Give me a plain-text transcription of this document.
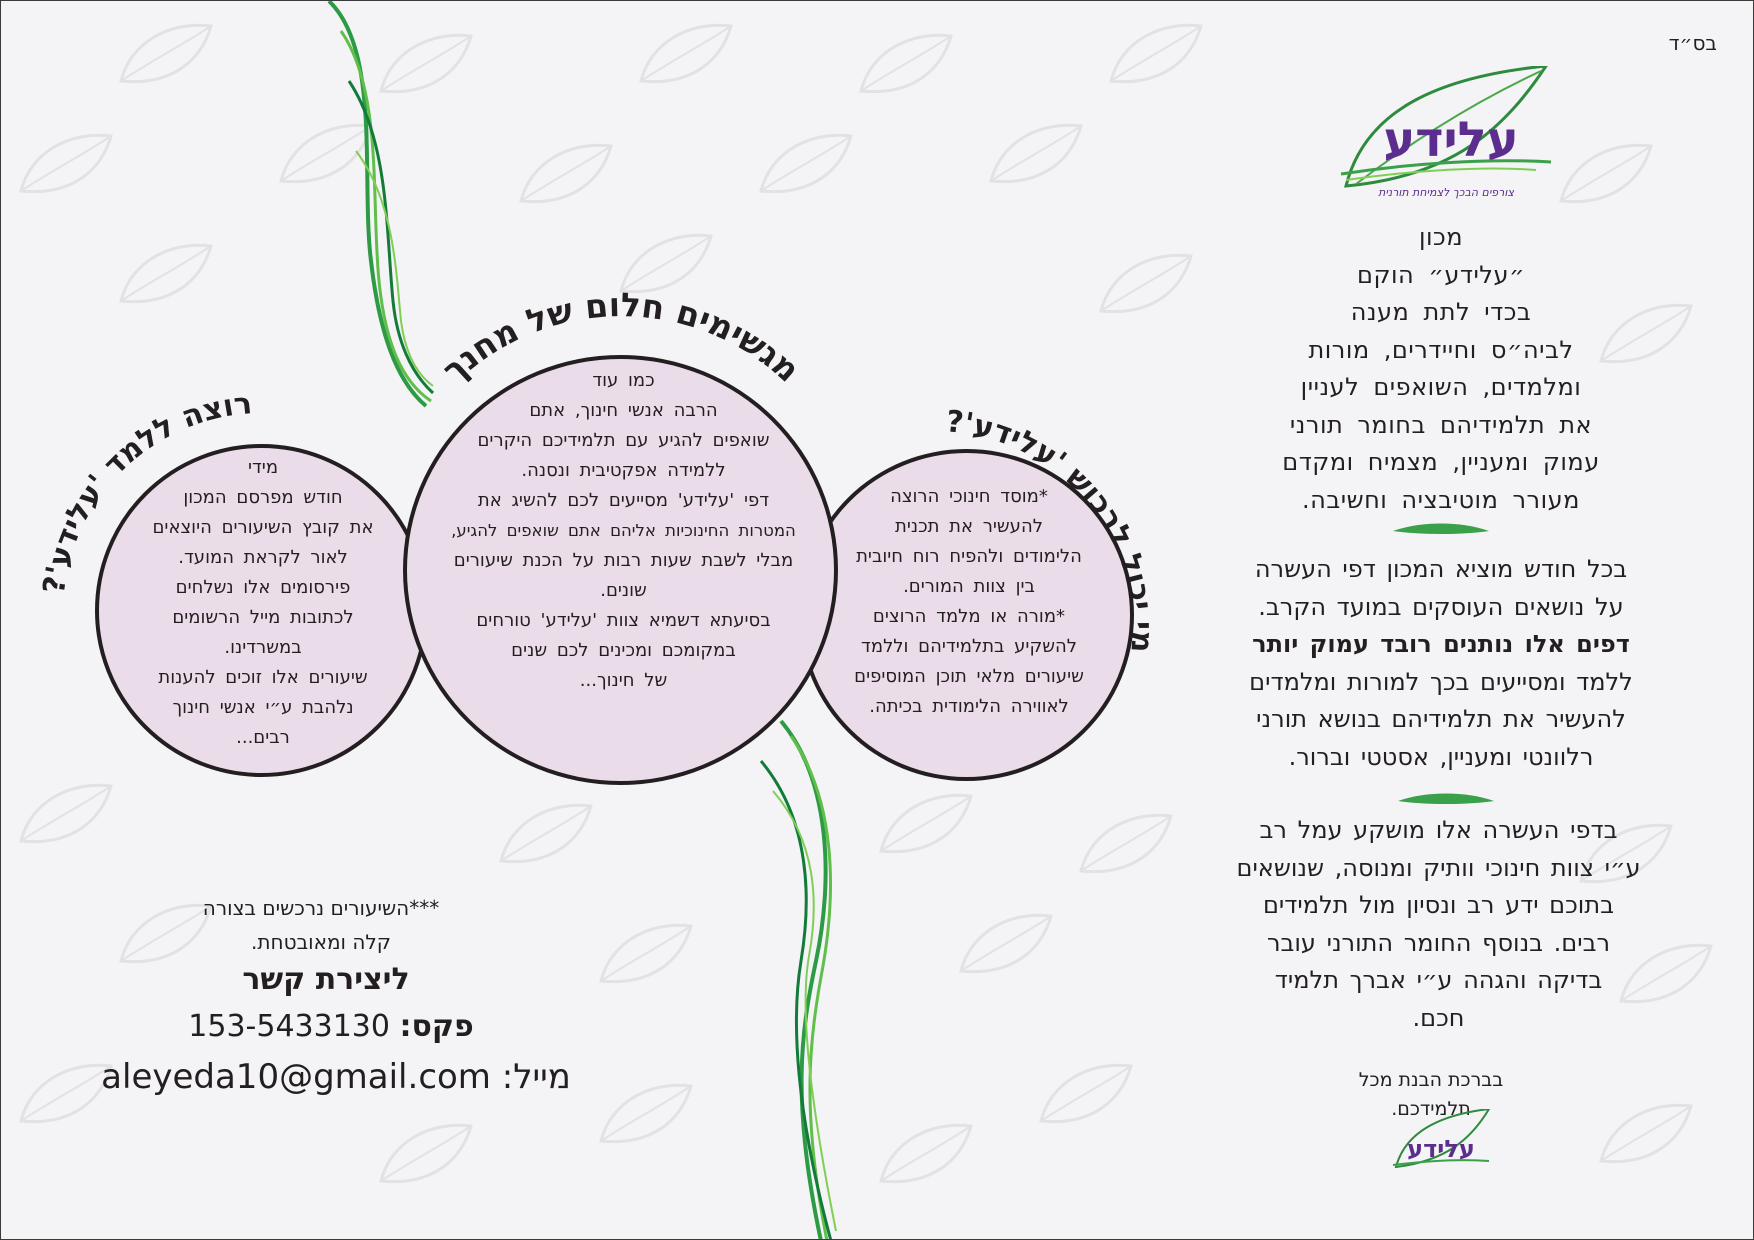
בס״ד
עלידע
צורפים הבכך לצמיחת תורנית
מכון
״עלידע״ הוקם
בכדי לתת מענה
לביה״ס וחיידרים, מורות
ומלמדים, השואפים לעניין
את תלמידיהם בחומר תורני
עמוק ומעניין, מצמיח ומקדם
מעורר מוטיבציה וחשיבה.
בכל חודש מוציא המכון דפי העשרה
על נושאים העוסקים במועד הקרב.
דפים אלו נותנים רובד עמוק יותר
ללמד ומסייעים בכך למורות ומלמדים
להעשיר את תלמידיהם בנושא תורני
רלוונטי ומעניין, אסטטי וברור.
בדפי העשרה אלו מושקע עמל רב
ע״י צוות חינוכי וותיק ומנוסה, שנושאים
בתוכם ידע רב ונסיון מול תלמידים
רבים. בנוסף החומר התורני עובר
בדיקה והגהה ע״י אברך תלמיד
חכם.
בברכת הבנת מכל
תלמידכם.
עלידע
מגשימים חלום של מחנך
רוצה ללמד 'עלידע'?	מי יכול לרכוש 'עלידע'?

מידי

חודש מפרסם המכון

את קובץ השיעורים היוצאים

לאור לקראת המועד.

פירסומים אלו נשלחים

לכתובות מייל הרשומים

במשרדינו.

שיעורים אלו זוכים להענות

נלהבת ע״י אנשי חינוך

רבים...

כמו עוד

הרבה אנשי חינוך, אתם

שואפים להגיע עם תלמידיכם היקרים

ללמידה אפקטיבית ונסנה.

דפי 'עלידע' מסייעים לכם להשיג את

המטרות החינוכיות אליהם אתם שואפים להגיע,

מבלי לשבת שעות רבות על הכנת שיעורים

שונים.

בסיעתא דשמיא צוות 'עלידע' טורחים

במקומכם ומכינים לכם שנים

של חינוך...

*מוסד חינוכי הרוצה

להעשיר את תכנית

הלימודים ולהפיח רוח חיובית

בין צוות המורים.

*מורה או מלמד הרוצים

להשקיע בתלמידיהם וללמד

שיעורים מלאי תוכן המוסיפים

לאווירה הלימודית בכיתה.

***השיעורים נרכשים בצורה
קלה ומאובטחת.
ליצירת קשר
פקס: 153-5433130
מייל: aleyeda10@gmail.com
